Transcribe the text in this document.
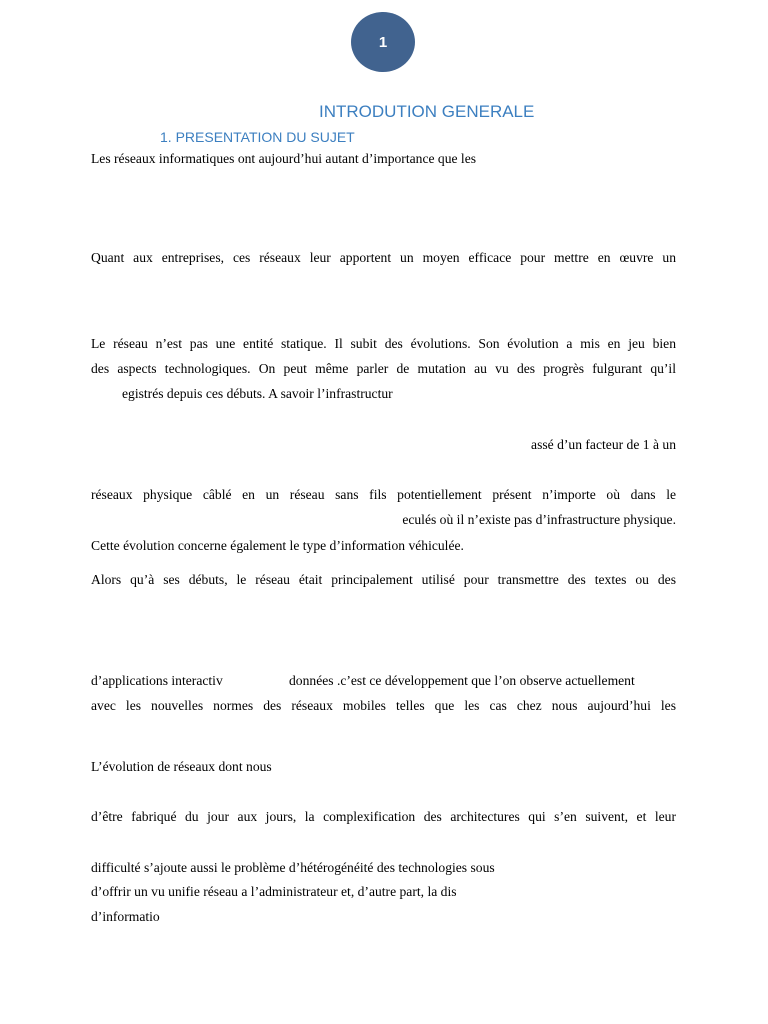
1
INTRODUTION GENERALE
1. PRESENTATION DU SUJET
Les réseaux informatiques ont aujourd’hui autant d’importance que les
Quant aux entreprises, ces réseaux leur apportent un moyen efficace pour mettre en œuvre un
Le réseau n’est pas une entité statique. Il subit des évolutions. Son évolution a mis en jeu bien
des aspects technologiques. On peut même parler de mutation au vu des progrès fulgurant qu’il
egistrés depuis ces débuts. A savoir l’infrastructur
assé d’un facteur de 1 à un
réseaux physique câblé en un réseau sans fils potentiellement présent n’importe où dans le
eculés où il n’existe pas d’infrastructure physique.
Cette évolution concerne également le type d’information véhiculée.
Alors qu’à ses débuts, le réseau était principalement utilisé pour transmettre des textes ou des
d’applications interactiv	données .c’est ce développement que l’on observe actuellement
avec les nouvelles normes des réseaux mobiles telles que les cas chez nous aujourd’hui les
L’évolution de réseaux dont nous
d’être fabriqué du jour aux jours, la complexification des architectures qui s’en suivent, et leur
difficulté s’ajoute aussi le problème d’hétérogénéité des technologies sous
d’offrir un vu unifie réseau a l’administrateur et, d’autre part, la dis
d’informatio
